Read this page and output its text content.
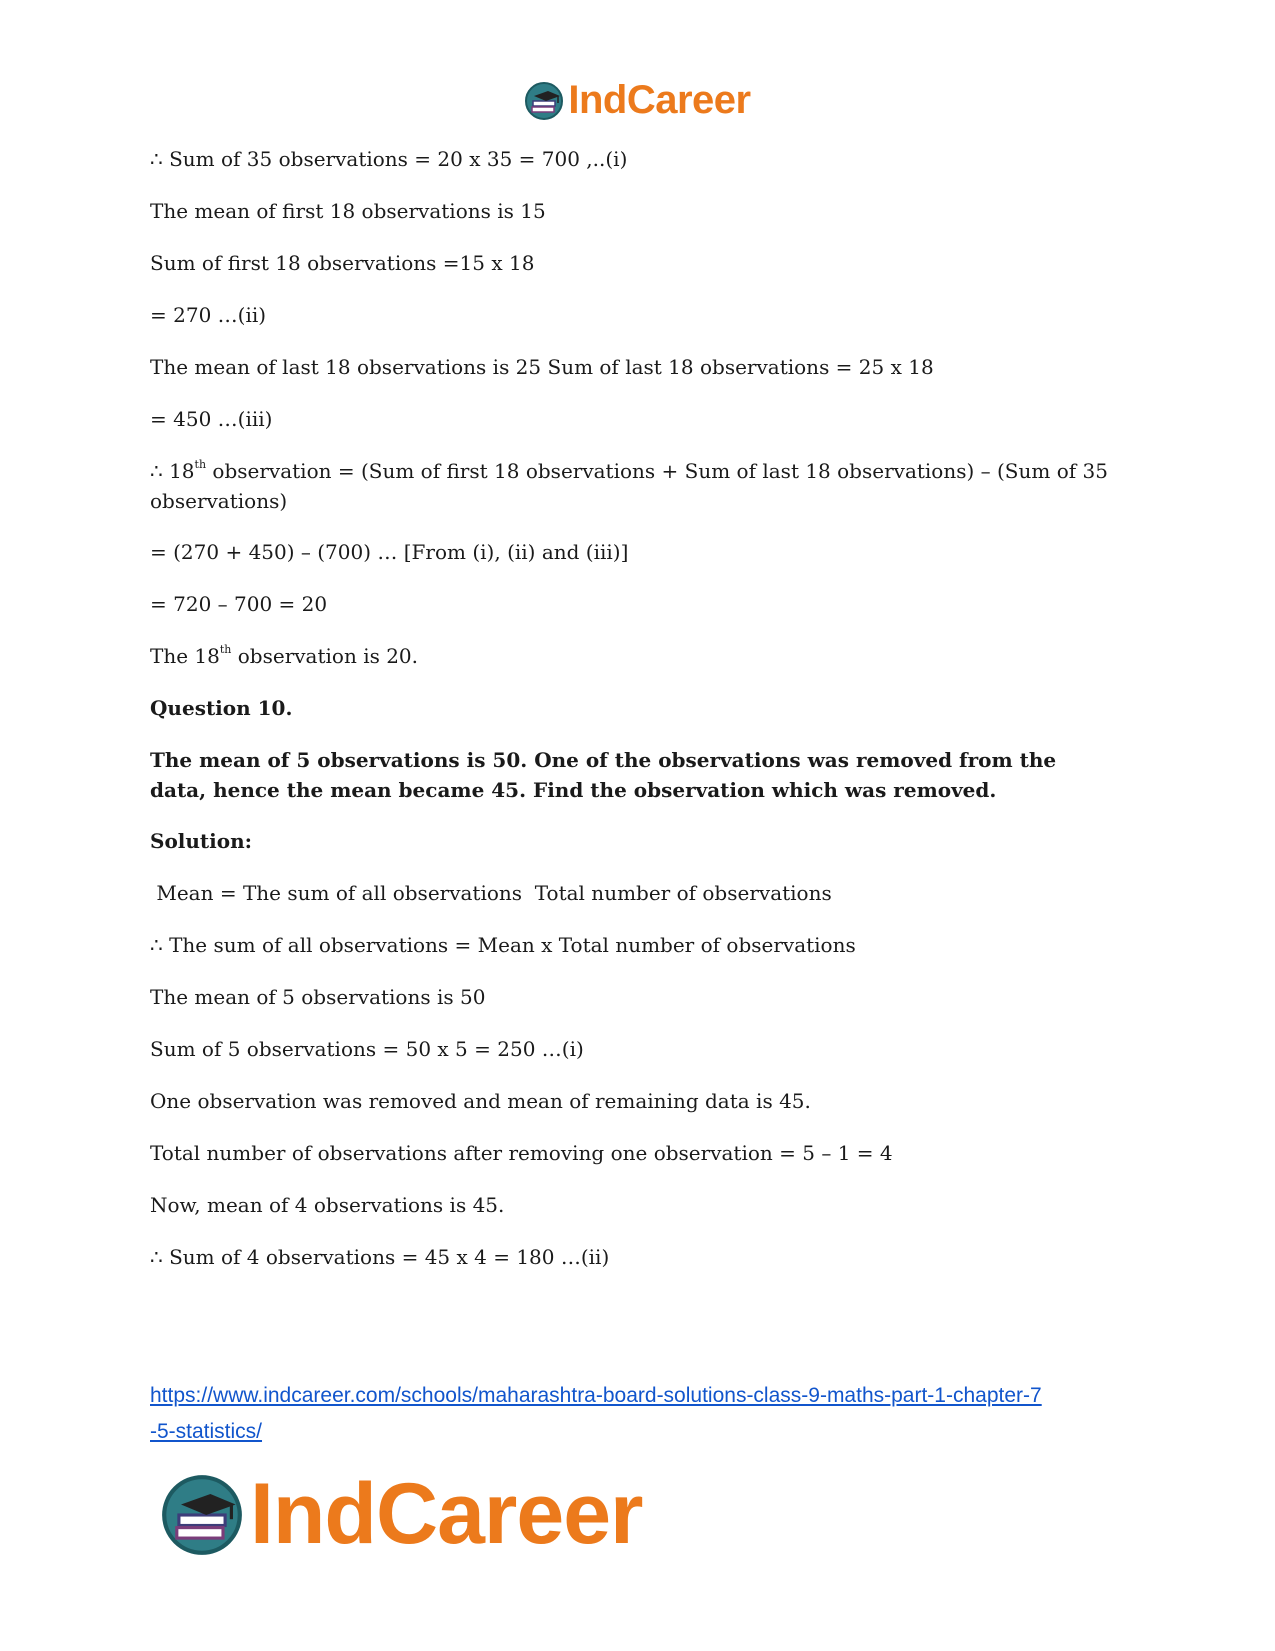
IndCareer
∴ Sum of 35 observations = 20 x 35 = 700 ,..(i)
The mean of first 18 observations is 15
Sum of first 18 observations =15 x 18
= 270 …(ii)
The mean of last 18 observations is 25 Sum of last 18 observations = 25 x 18
= 450 …(iii)
∴ 18th observation = (Sum of first 18 observations + Sum of last 18 observations) – (Sum of 35 observations)
= (270 + 450) – (700) … [From (i), (ii) and (iii)]
= 720 – 700 = 20
The 18th observation is 20.
Question 10.
The mean of 5 observations is 50. One of the observations was removed from the data, hence the mean became 45. Find the observation which was removed.
Solution:
Mean = The sum of all observations  Total number of observations
∴ The sum of all observations = Mean x Total number of observations
The mean of 5 observations is 50
Sum of 5 observations = 50 x 5 = 250 …(i)
One observation was removed and mean of remaining data is 45.
Total number of observations after removing one observation = 5 – 1 = 4
Now, mean of 4 observations is 45.
∴ Sum of 4 observations = 45 x 4 = 180 …(ii)
https://www.indcareer.com/schools/maharashtra-board-solutions-class-9-maths-part-1-chapter-7
-5-statistics/
IndCareer
